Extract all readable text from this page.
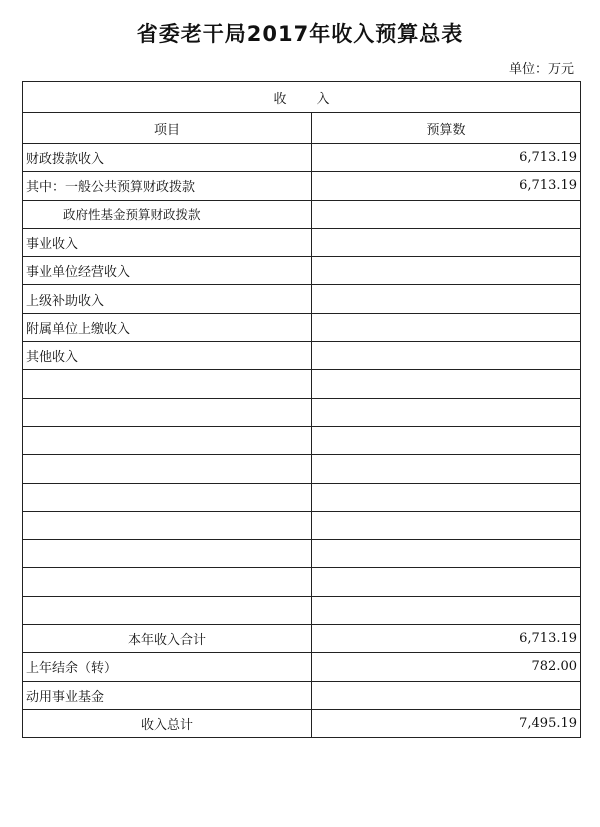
省委老干局2017年收入预算总表
单位：万元
收入	
项目	预算数
财政拨款收入	6,713.19
其中：一般公共预算财政拨款	6,713.19
政府性基金预算财政拨款	
事业收入	
事业单位经营收入	
上级补助收入	
附属单位上缴收入	
其他收入	

本年收入合计	6,713.19
上年结余（转）	782.00
动用事业基金	
收入总计	7,495.19
